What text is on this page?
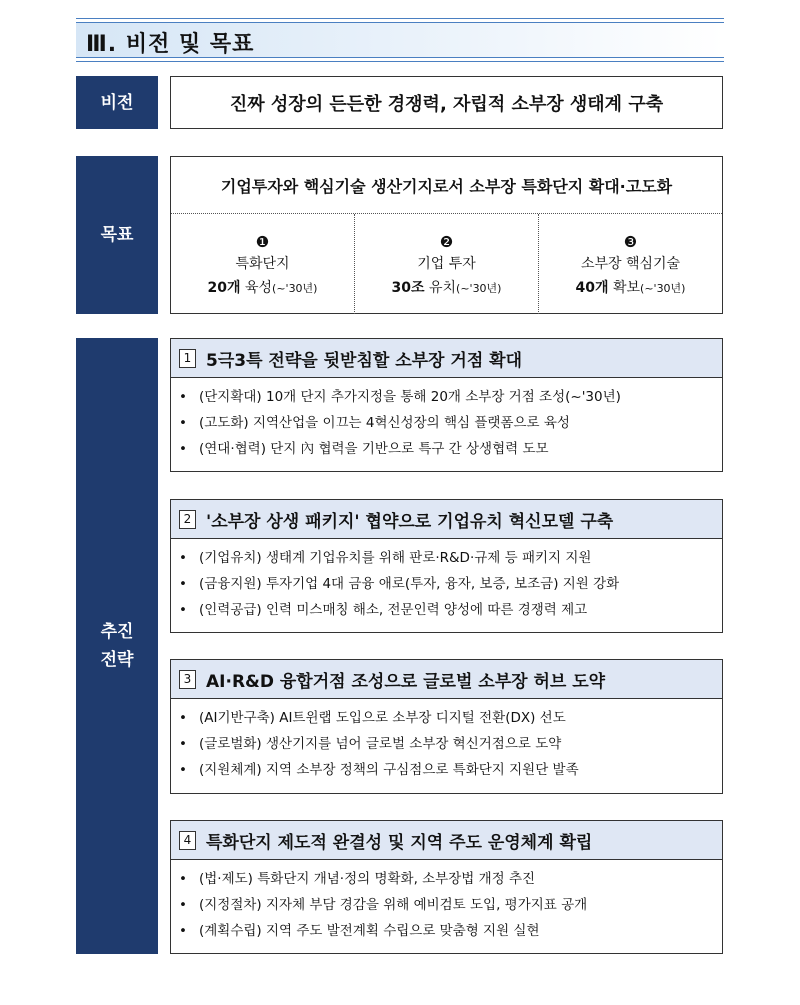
Ⅲ. 비전 및 목표
비전	진짜 성장의 든든한 경쟁력, 자립적 소부장 생태계 구축
목표
기업투자와 핵심기술 생산기지로서 소부장 특화단지 확대·고도화
❶
특화단지
20개 육성(~'30년)
❷
기업 투자
30조 유치(~'30년)
❸
소부장 핵심기술
40개 확보(~'30년)
추진
전략
1 5극3특 전략을 뒷받침할 소부장 거점 확대
• (단지확대) 10개 단지 추가지정을 통해 20개 소부장 거점 조성(~'30년)
• (고도화) 지역산업을 이끄는 4혁신성장의 핵심 플랫폼으로 육성
• (연대·협력) 단지 內 협력을 기반으로 특구 간 상생협력 도모
2 '소부장 상생 패키지' 협약으로 기업유치 혁신모델 구축
• (기업유치) 생태계 기업유치를 위해 판로·R&D·규제 등 패키지 지원
• (금융지원) 투자기업 4대 금융 애로(투자, 융자, 보증, 보조금) 지원 강화
• (인력공급) 인력 미스매칭 해소, 전문인력 양성에 따른 경쟁력 제고
3 AI·R&D 융합거점 조성으로 글로벌 소부장 허브 도약
• (AI기반구축) AI트윈랩 도입으로 소부장 디지털 전환(DX) 선도
• (글로벌화) 생산기지를 넘어 글로벌 소부장 혁신거점으로 도약
• (지원체계) 지역 소부장 정책의 구심점으로 특화단지 지원단 발족
4 특화단지 제도적 완결성 및 지역 주도 운영체계 확립
• (법·제도) 특화단지 개념·정의 명확화, 소부장법 개정 추진
• (지정절차) 지자체 부담 경감을 위해 예비검토 도입, 평가지표 공개
• (계획수립) 지역 주도 발전계획 수립으로 맞춤형 지원 실현
